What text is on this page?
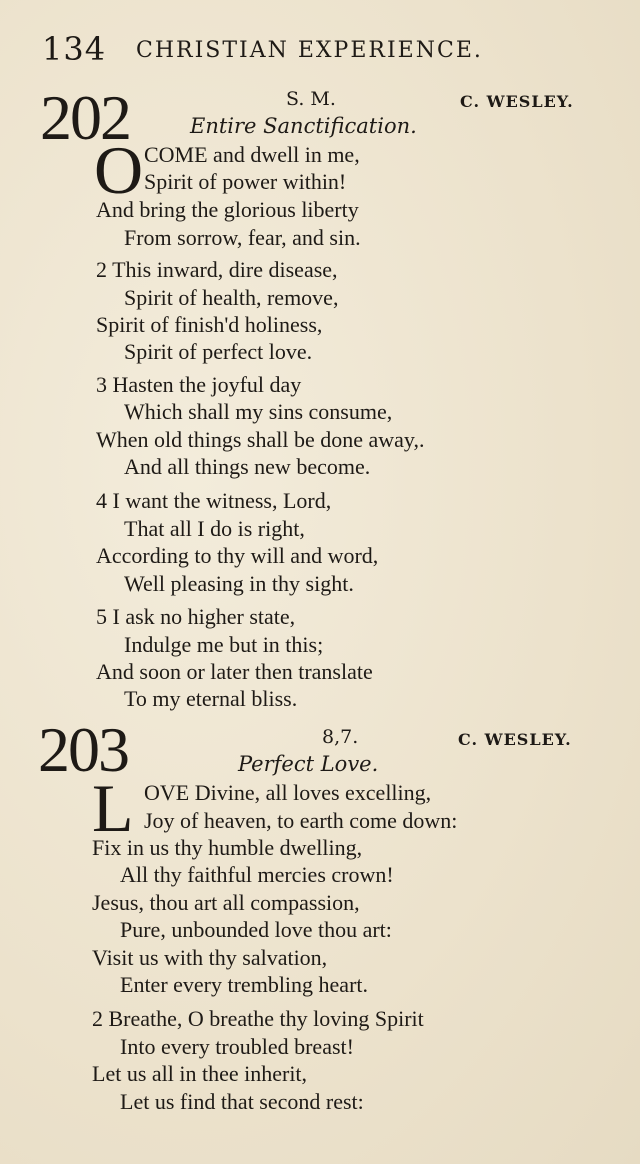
134 CHRISTIAN EXPERIENCE.
202	S. M.	C. WESLEY.
Entire Sanctification.
O COME and dwell in me,
Spirit of power within!
And bring the glorious liberty
From sorrow, fear, and sin.
2 This inward, dire disease,
Spirit of health, remove,
Spirit of finish'd holiness,
Spirit of perfect love.
3 Hasten the joyful day
Which shall my sins consume,
When old things shall be done away,.
And all things new become.
4 I want the witness, Lord,
That all I do is right,
According to thy will and word,
Well pleasing in thy sight.
5 I ask no higher state,
Indulge me but in this;
And soon or later then translate
To my eternal bliss.
203	8,7.	C. WESLEY.
Perfect Love.
L OVE Divine, all loves excelling,
Joy of heaven, to earth come down:
Fix in us thy humble dwelling,
All thy faithful mercies crown!
Jesus, thou art all compassion,
Pure, unbounded love thou art:
Visit us with thy salvation,
Enter every trembling heart.
2 Breathe, O breathe thy loving Spirit
Into every troubled breast!
Let us all in thee inherit,
Let us find that second rest:
